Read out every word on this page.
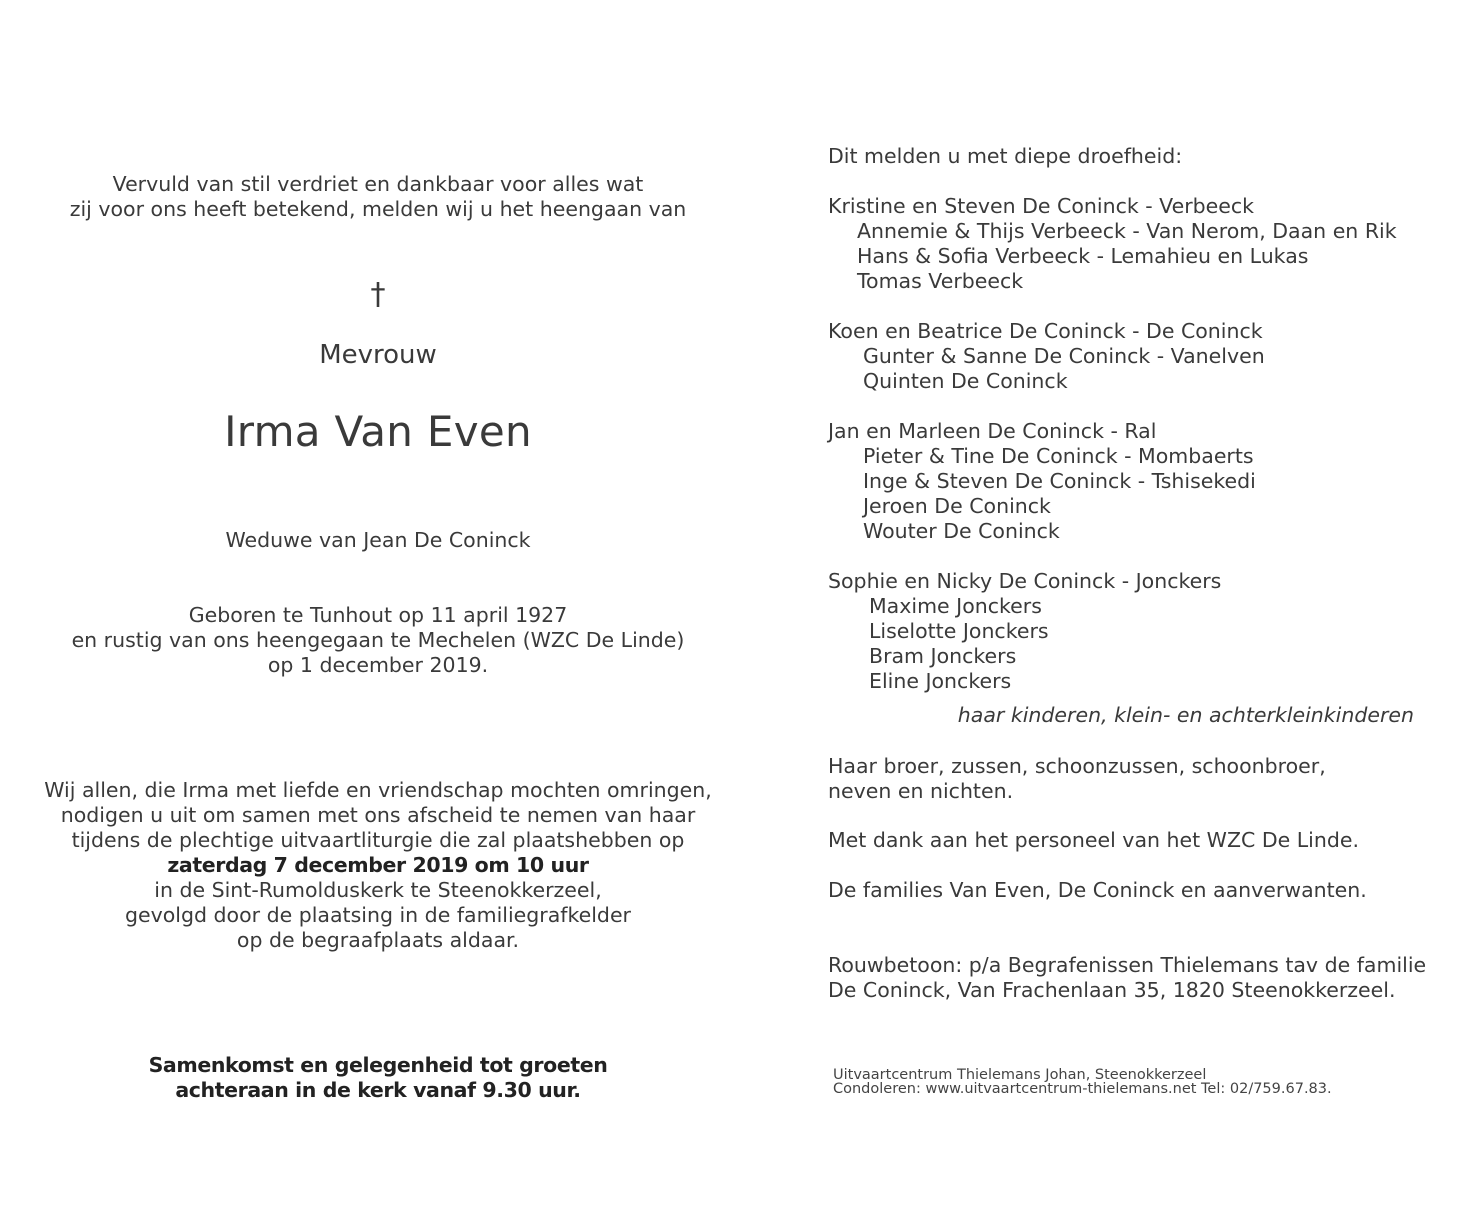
Vervuld van stil verdriet en dankbaar voor alles wat
zij voor ons heeft betekend, melden wij u het heengaan van
†
Mevrouw
Irma Van Even
Weduwe van Jean De Coninck
Geboren te Tunhout op 11 april 1927
en rustig van ons heengegaan te Mechelen (WZC De Linde)
op 1 december 2019.
Wij allen, die Irma met liefde en vriendschap mochten omringen,
nodigen u uit om samen met ons afscheid te nemen van haar
tijdens de plechtige uitvaartliturgie die zal plaatshebben op
zaterdag 7 december 2019 om 10 uur
in de Sint-Rumolduskerk te Steenokkerzeel,
gevolgd door de plaatsing in de familiegrafkelder
op de begraafplaats aldaar.
Samenkomst en gelegenheid tot groeten
achteraan in de kerk vanaf 9.30 uur.
Dit melden u met diepe droefheid:
Kristine en Steven De Coninck - Verbeeck
Annemie & Thijs Verbeeck - Van Nerom, Daan en Rik
Hans & Sofia Verbeeck - Lemahieu en Lukas
Tomas Verbeeck
Koen en Beatrice De Coninck - De Coninck
Gunter & Sanne De Coninck - Vanelven
Quinten De Coninck
Jan en Marleen De Coninck - Ral
Pieter & Tine De Coninck - Mombaerts
Inge & Steven De Coninck - Tshisekedi
Jeroen De Coninck
Wouter De Coninck
Sophie en Nicky De Coninck - Jonckers
Maxime Jonckers
Liselotte Jonckers
Bram Jonckers
Eline Jonckers
haar kinderen, klein- en achterkleinkinderen
Haar broer, zussen, schoonzussen, schoonbroer,
neven en nichten.
Met dank aan het personeel van het WZC De Linde.
De families Van Even, De Coninck en aanverwanten.
Rouwbetoon: p/a Begrafenissen Thielemans tav de familie
De Coninck, Van Frachenlaan 35, 1820 Steenokkerzeel.
Uitvaartcentrum Thielemans Johan, Steenokkerzeel
Condoleren: www.uitvaartcentrum-thielemans.net Tel: 02/759.67.83.
